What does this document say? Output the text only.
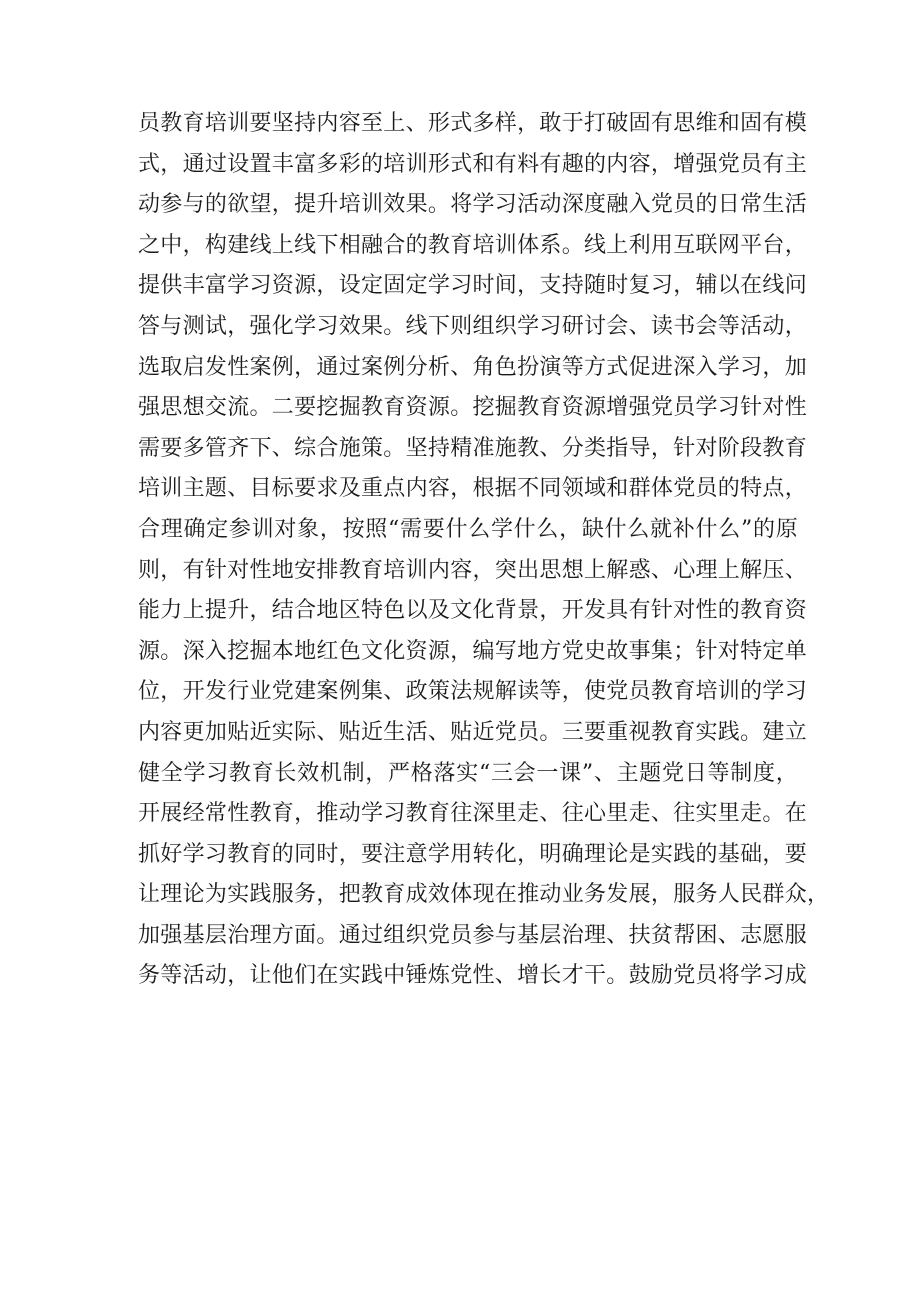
员教育培训要坚持内容至上、形式多样，敢于打破固有思维和固有模
式，通过设置丰富多彩的培训形式和有料有趣的内容，增强党员有主
动参与的欲望，提升培训效果。将学习活动深度融入党员的日常生活
之中，构建线上线下相融合的教育培训体系。线上利用互联网平台，
提供丰富学习资源，设定固定学习时间，支持随时复习，辅以在线问
答与测试，强化学习效果。线下则组织学习研讨会、读书会等活动，
选取启发性案例，通过案例分析、角色扮演等方式促进深入学习，加
强思想交流。二要挖掘教育资源。挖掘教育资源增强党员学习针对性
需要多管齐下、综合施策。坚持精准施教、分类指导，针对阶段教育
培训主题、目标要求及重点内容，根据不同领域和群体党员的特点，
合理确定参训对象，按照“需要什么学什么，缺什么就补什么”的原
则，有针对性地安排教育培训内容，突出思想上解惑、心理上解压、
能力上提升，结合地区特色以及文化背景，开发具有针对性的教育资
源。深入挖掘本地红色文化资源，编写地方党史故事集；针对特定单
位，开发行业党建案例集、政策法规解读等，使党员教育培训的学习
内容更加贴近实际、贴近生活、贴近党员。三要重视教育实践。建立
健全学习教育长效机制，严格落实“三会一课”、主题党日等制度，
开展经常性教育，推动学习教育往深里走、往心里走、往实里走。在
抓好学习教育的同时，要注意学用转化，明确理论是实践的基础，要
让理论为实践服务，把教育成效体现在推动业务发展，服务人民群众，
加强基层治理方面。通过组织党员参与基层治理、扶贫帮困、志愿服
务等活动，让他们在实践中锤炼党性、增长才干。鼓励党员将学习成
